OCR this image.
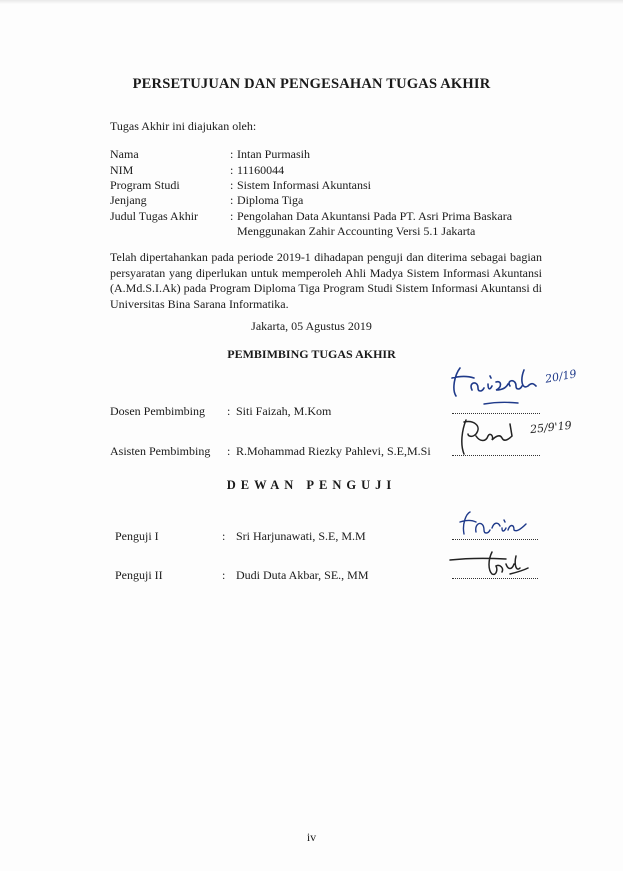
PERSETUJUAN DAN PENGESAHAN TUGAS AKHIR
Tugas Akhir ini diajukan oleh:
Nama	: Intan Purmasih
NIM	: 11160044
Program Studi	: Sistem Informasi Akuntansi
Jenjang	: Diploma Tiga
Judul Tugas Akhir	: Pengolahan Data Akuntansi Pada PT. Asri Prima Baskara Menggunakan Zahir Accounting Versi 5.1 Jakarta
Telah dipertahankan pada periode 2019-1 dihadapan penguji dan diterima sebagai bagian persyaratan yang diperlukan untuk memperoleh Ahli Madya Sistem Informasi Akuntansi (A.Md.S.I.Ak) pada Program Diploma Tiga Program Studi Sistem Informasi Akuntansi di Universitas Bina Sarana Informatika.
Jakarta, 05 Agustus 2019
PEMBIMBING TUGAS AKHIR
Dosen Pembimbing : Siti Faizah, M.Kom
Asisten Pembimbing : R.Mohammad Riezky Pahlevi, S.E,M.Si
20/19
25/9'19
DEWAN PENGUJI
Penguji I	: Sri Harjunawati, S.E, M.M
Penguji II	: Dudi Duta Akbar, SE., MM
iv
